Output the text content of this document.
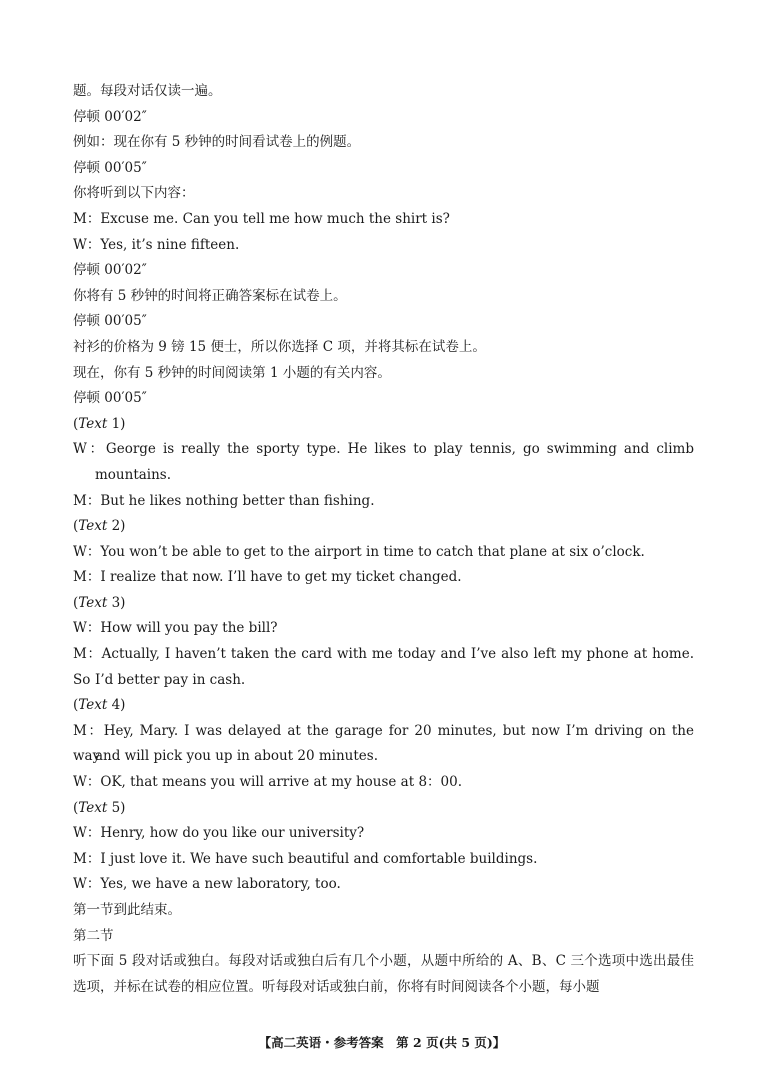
题。每段对话仅读一遍。
停顿 00′02″
例如：现在你有 5 秒钟的时间看试卷上的例题。
停顿 00′05″
你将听到以下内容：
M：Excuse me. Can you tell me how much the shirt is?
W：Yes, it’s nine fifteen.
停顿 00′02″
你将有 5 秒钟的时间将正确答案标在试卷上。
停顿 00′05″
衬衫的价格为 9 镑 15 便士，所以你选择 C 项，并将其标在试卷上。
现在，你有 5 秒钟的时间阅读第 1 小题的有关内容。
停顿 00′05″
(Text 1)
W：George is really the sporty type. He likes to play tennis, go swimming and climb
mountains.
M：But he likes nothing better than fishing.
(Text 2)
W：You won’t be able to get to the airport in time to catch that plane at six o’clock.
M：I realize that now. I’ll have to get my ticket changed.
(Text 3)
W：How will you pay the bill?
M：Actually, I haven’t taken the card with me today and I’ve also left my phone at home. So I’d better pay in cash.
(Text 4)
M：Hey, Mary. I was delayed at the garage for 20 minutes, but now I’m driving on the way
and will pick you up in about 20 minutes.
W：OK, that means you will arrive at my house at 8：00.
(Text 5)
W：Henry, how do you like our university?
M：I just love it. We have such beautiful and comfortable buildings.
W：Yes, we have a new laboratory, too.
第一节到此结束。
第二节
听下面 5 段对话或独白。每段对话或独白后有几个小题，从题中所给的 A、B、C 三个选项中选出最佳选项，并标在试卷的相应位置。听每段对话或独白前，你将有时间阅读各个小题，每小题
【高二英语・参考答案　第 2 页(共 5 页)】
